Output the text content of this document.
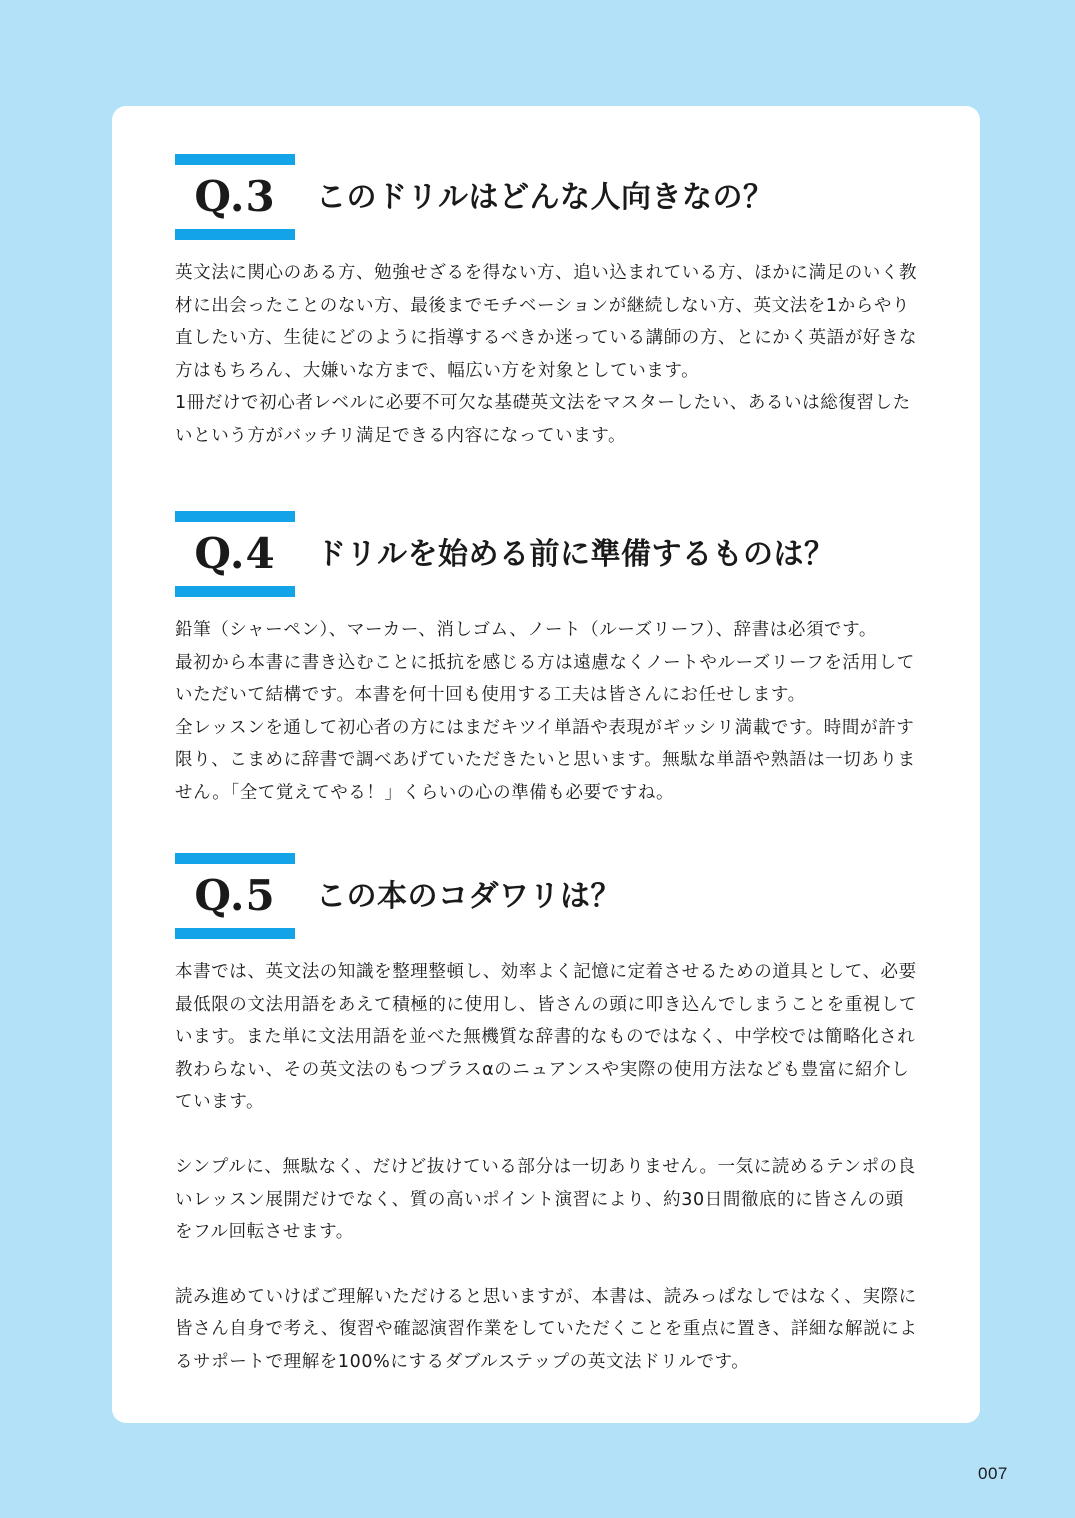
Q.3	このドリルはどんな人向きなの？

英文法に関心のある方、勉強せざるを得ない方、追い込まれている方、ほかに満足のいく教材に出会ったことのない方、最後までモチベーションが継続しない方、英文法を1からやり直したい方、生徒にどのように指導するべきか迷っている講師の方、とにかく英語が好きな方はもちろん、大嫌いな方まで、幅広い方を対象としています。

1冊だけで初心者レベルに必要不可欠な基礎英文法をマスターしたい、あるいは総復習したいという方がバッチリ満足できる内容になっています。

Q.4	ドリルを始める前に準備するものは？

鉛筆（シャーペン）、マーカー、消しゴム、ノート（ルーズリーフ）、辞書は必須です。

最初から本書に書き込むことに抵抗を感じる方は遠慮なくノートやルーズリーフを活用していただいて結構です。本書を何十回も使用する工夫は皆さんにお任せします。

全レッスンを通して初心者の方にはまだキツイ単語や表現がギッシリ満載です。時間が許す限り、こまめに辞書で調べあげていただきたいと思います。無駄な単語や熟語は一切ありません。「全て覚えてやる！」くらいの心の準備も必要ですね。

Q.5	この本のコダワリは？

本書では、英文法の知識を整理整頓し、効率よく記憶に定着させるための道具として、必要最低限の文法用語をあえて積極的に使用し、皆さんの頭に叩き込んでしまうことを重視しています。また単に文法用語を並べた無機質な辞書的なものではなく、中学校では簡略化され教わらない、その英文法のもつプラスαのニュアンスや実際の使用方法なども豊富に紹介しています。

シンプルに、無駄なく、だけど抜けている部分は一切ありません。一気に読めるテンポの良いレッスン展開だけでなく、質の高いポイント演習により、約30日間徹底的に皆さんの頭をフル回転させます。

読み進めていけばご理解いただけると思いますが、本書は、読みっぱなしではなく、実際に皆さん自身で考え、復習や確認演習作業をしていただくことを重点に置き、詳細な解説によるサポートで理解を100%にするダブルステップの英文法ドリルです。

007
